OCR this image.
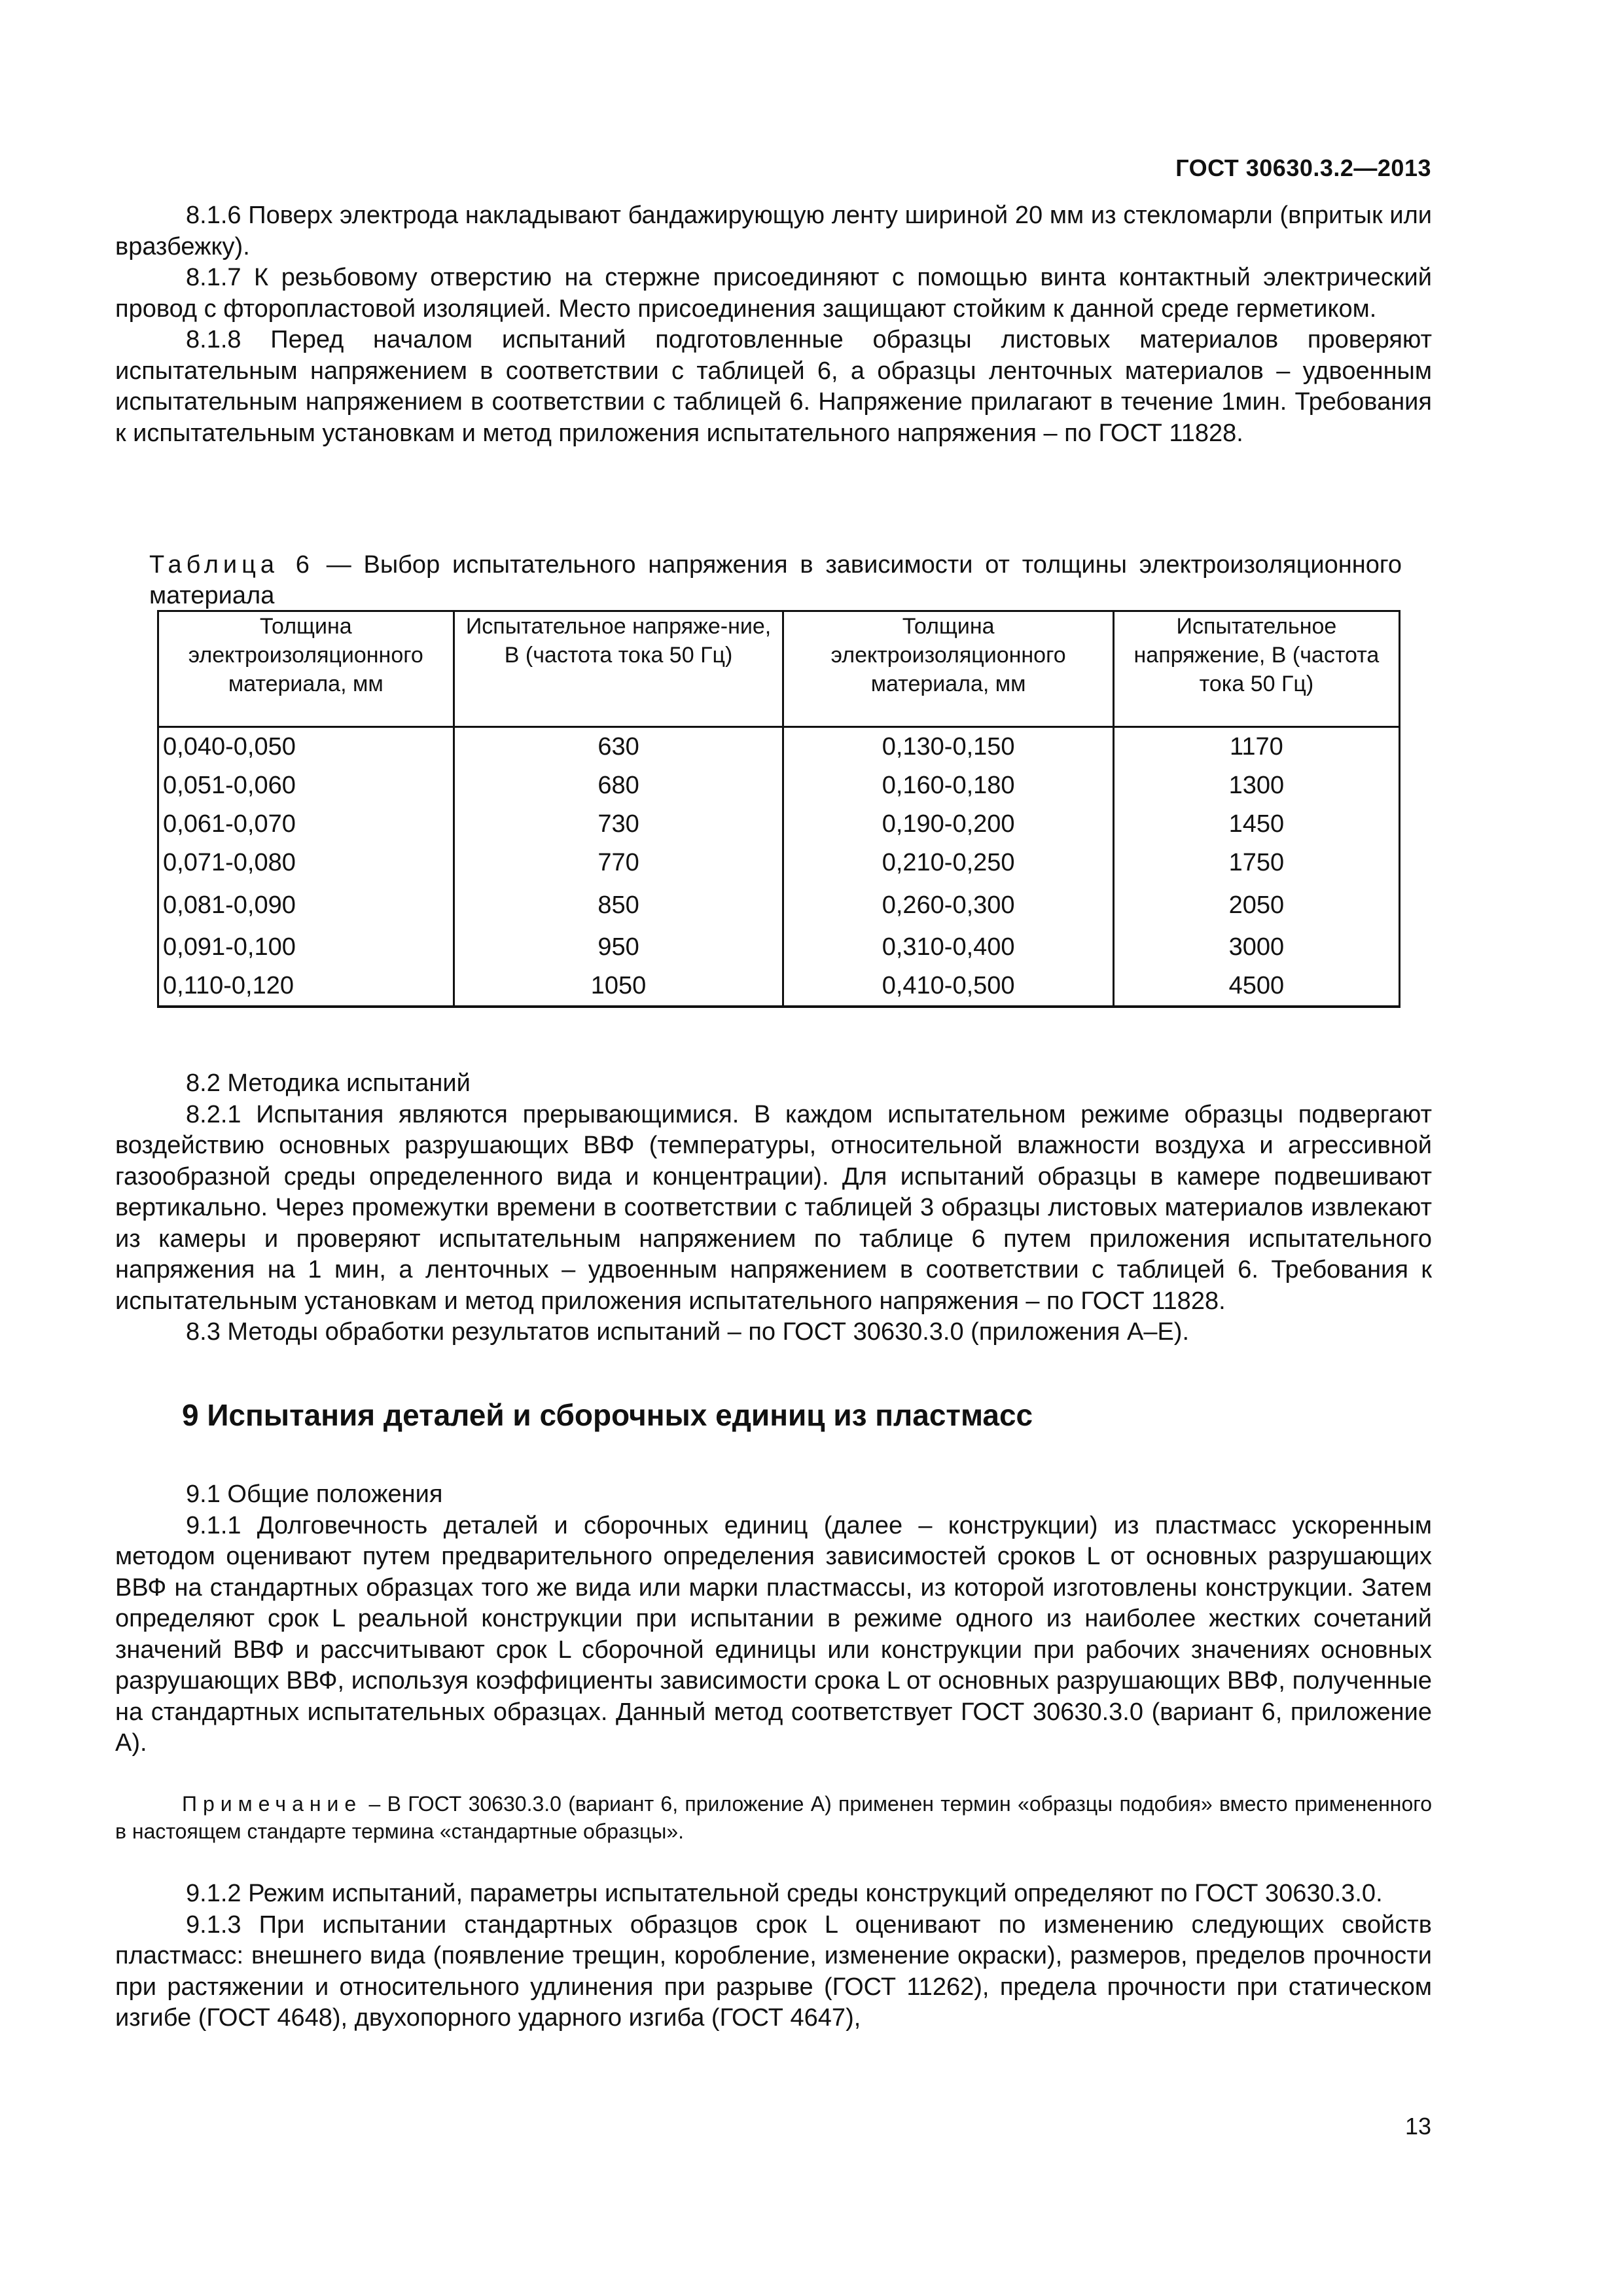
ГОСТ 30630.3.2—2013

8.1.6 Поверх электрода накладывают бандажирующую ленту шириной 20 мм из стекломарли (впритык или вразбежку).

8.1.7 К резьбовому отверстию на стержне присоединяют с помощью винта контактный электрический провод с фторопластовой изоляцией. Место присоединения защищают стойким к данной среде герметиком.

8.1.8 Перед началом испытаний подготовленные образцы листовых материалов проверяют испытательным напряжением в соответствии с таблицей 6, а образцы ленточных материалов – удвоенным испытательным напряжением в соответствии с таблицей 6. Напряжение прилагают в течение 1мин. Требования к испытательным установкам и метод приложения испытательного напряжения – по ГОСТ 11828.

Таблица 6 — Выбор испытательного напряжения в зависимости от толщины электроизоляционного материала
Толщина электроизоляционного материала, мм	Испытательное напряже-ние, В (частота тока 50 Гц)	Толщина электроизоляционного материала, мм	Испытательное напряжение, В (частота тока 50 Гц)
0,040-0,050	630	0,130-0,150	1170
0,051-0,060	680	0,160-0,180	1300
0,061-0,070	730	0,190-0,200	1450
0,071-0,080	770	0,210-0,250	1750
0,081-0,090	850	0,260-0,300	2050
0,091-0,100	950	0,310-0,400	3000
0,110-0,120	1050	0,410-0,500	4500

8.2 Методика испытаний

8.2.1 Испытания являются прерывающимися. В каждом испытательном режиме образцы подвергают воздействию основных разрушающих ВВФ (температуры, относительной влажности воздуха и агрессивной газообразной среды определенного вида и концентрации). Для испытаний образцы в камере подвешивают вертикально. Через промежутки времени в соответствии с таблицей 3 образцы листовых материалов извлекают из камеры и проверяют испытательным напряжением по таблице 6 путем приложения испытательного напряжения на 1 мин, а ленточных – удвоенным напряжением в соответствии с таблицей 6. Требования к испытательным установкам и метод приложения испытательного напряжения – по ГОСТ 11828.

8.3 Методы обработки результатов испытаний – по ГОСТ 30630.3.0 (приложения А–Е).

9 Испытания деталей и сборочных единиц из пластмасс

9.1 Общие положения

9.1.1 Долговечность деталей и сборочных единиц (далее – конструкции) из пластмасс ускоренным методом оценивают путем предварительного определения зависимостей сроков L от основных разрушающих ВВФ на стандартных образцах того же вида или марки пластмассы, из которой изготовлены конструкции. Затем определяют срок L реальной конструкции при испытании в режиме одного из наиболее жестких сочетаний значений ВВФ и рассчитывают срок L сборочной единицы или конструкции при рабочих значениях основных разрушающих ВВФ, используя коэффициенты зависимости срока L от основных разрушающих ВВФ, полученные на стандартных испытательных образцах. Данный метод соответствует ГОСТ 30630.3.0 (вариант 6, приложение А).

Примечание – В ГОСТ 30630.3.0 (вариант 6, приложение А) применен термин «образцы подобия» вместо примененного в настоящем стандарте термина «стандартные образцы».

9.1.2 Режим испытаний, параметры испытательной среды конструкций определяют по ГОСТ 30630.3.0.

9.1.3 При испытании стандартных образцов срок L оценивают по изменению следующих свойств пластмасс: внешнего вида (появление трещин, коробление, изменение окраски), размеров, пределов прочности при растяжении и относительного удлинения при разрыве (ГОСТ 11262), предела прочности при статическом изгибе (ГОСТ 4648), двухопорного ударного изгиба (ГОСТ 4647),

13
